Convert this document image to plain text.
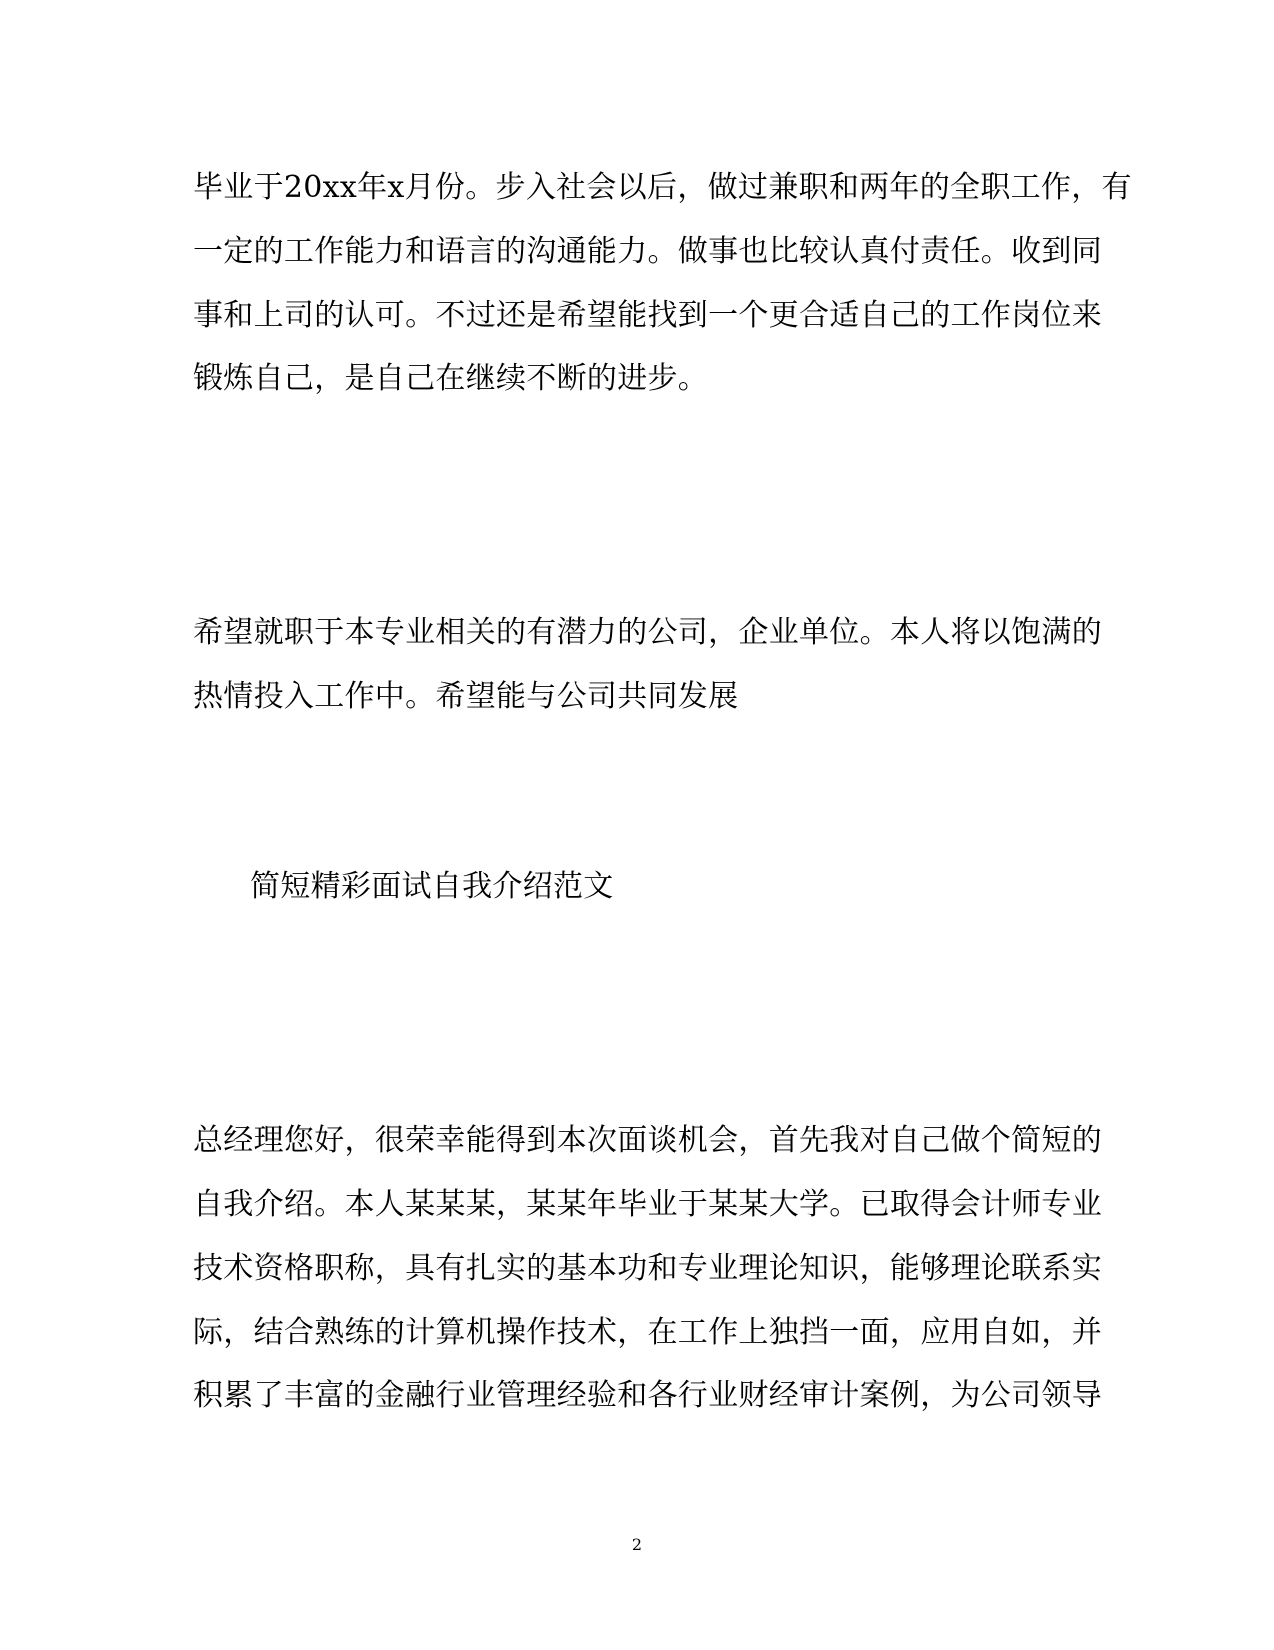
毕业于20xx年x月份。步入社会以后，做过兼职和两年的全职工作，有
一定的工作能力和语言的沟通能力。做事也比较认真付责任。收到同
事和上司的认可。不过还是希望能找到一个更合适自己的工作岗位来
锻炼自己，是自己在继续不断的进步。
希望就职于本专业相关的有潜力的公司，企业单位。本人将以饱满的
热情投入工作中。希望能与公司共同发展
简短精彩面试自我介绍范文
总经理您好，很荣幸能得到本次面谈机会，首先我对自己做个简短的
自我介绍。本人某某某，某某年毕业于某某大学。已取得会计师专业
技术资格职称，具有扎实的基本功和专业理论知识，能够理论联系实
际，结合熟练的计算机操作技术，在工作上独挡一面，应用自如，并
积累了丰富的金融行业管理经验和各行业财经审计案例，为公司领导
2
